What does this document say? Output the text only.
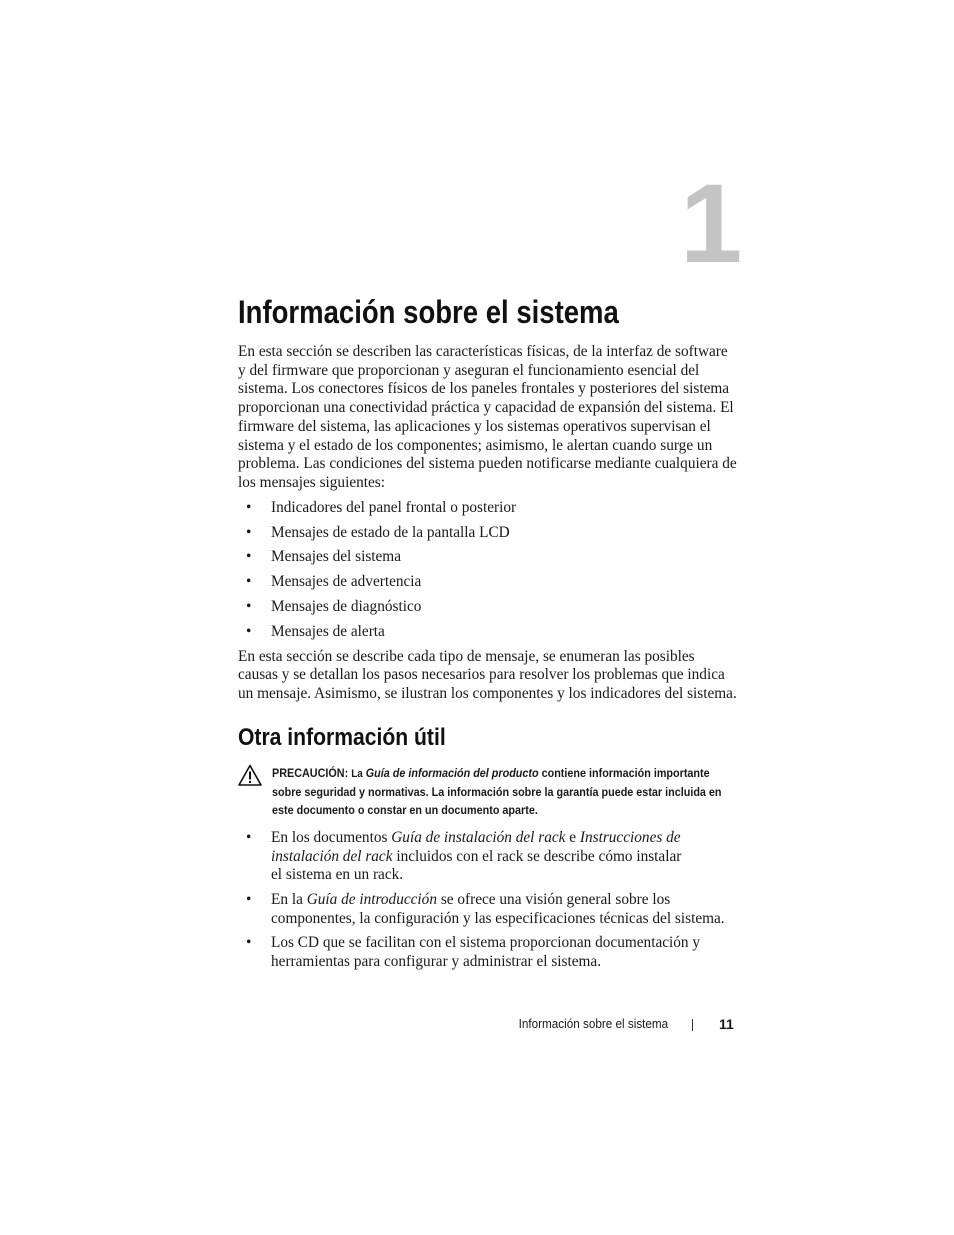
1
Información sobre el sistema

En esta sección se describen las características físicas, de la interfaz de software y del firmware que proporcionan y aseguran el funcionamiento esencial del sistema. Los conectores físicos de los paneles frontales y posteriores del sistema proporcionan una conectividad práctica y capacidad de expansión del sistema. El firmware del sistema, las aplicaciones y los sistemas operativos supervisan el sistema y el estado de los componentes; asimismo, le alertan cuando surge un problema. Las condiciones del sistema pueden notificarse mediante cualquiera de los mensajes siguientes:

• Indicadores del panel frontal o posterior
• Mensajes de estado de la pantalla LCD
• Mensajes del sistema
• Mensajes de advertencia
• Mensajes de diagnóstico
• Mensajes de alerta

En esta sección se describe cada tipo de mensaje, se enumeran las posibles causas y se detallan los pasos necesarios para resolver los problemas que indica un mensaje. Asimismo, se ilustran los componentes y los indicadores del sistema.

Otra información útil
PRECAUCIÓN: La Guía de información del producto contiene información importante sobre seguridad y normativas. La información sobre la garantía puede estar incluida en este documento o constar en un documento aparte.
• En los documentos Guía de instalación del rack e Instrucciones de instalación del rack incluidos con el rack se describe cómo instalar el sistema en un rack.
• En la Guía de introducción se ofrece una visión general sobre los componentes, la configuración y las especificaciones técnicas del sistema.
• Los CD que se facilitan con el sistema proporcionan documentación y herramientas para configurar y administrar el sistema.
Información sobre el sistema	11
